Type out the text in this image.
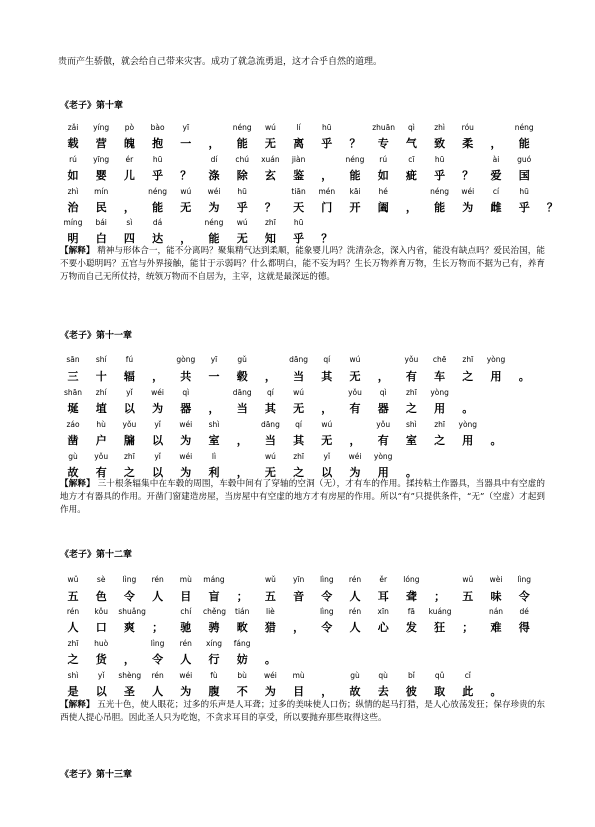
贵而产生骄傲，就会给自己带来灾害。成功了就急流勇退，这才合乎自然的道理。
《老子》第十章
zǎi	yíng	pò	bào	yī	néng	wú	lí	hū	zhuān	qì	zhì	róu	néng
载	营	魄	抱	一	，	能	无	离	乎	？	专	气	致	柔	，	能
rú	yīng	ér	hū	dí	chú	xuán	jiàn	néng	rú	cī	hū	ài	guó
如	婴	儿	乎	？	涤	除	玄	鉴	，	能	如	疵	乎	？	爱	国
zhì	mín	néng	wú	wéi	hū	tiān	mén	kāi	hé	néng	wéi	cí	hū
治	民	，	能	无	为	乎	？	天	门	开	阖	，	能	为	雌	乎	？
míng	bái	sì	dá	néng	wú	zhī	hū
明	白	四	达	，	能	无	知	乎	？
【解释】 精神与形体合一，能不分离吗？聚集精气达到柔顺，能象婴儿吗？洗清杂念，深入内省，能没有缺点吗？爱民治国，能不要小聪明吗？五官与外界接触，能甘于示弱吗？什么都明白，能不妄为吗？生长万物养育万物，生长万物而不据为己有，养育万物而自己无所仗持，统领万物而不自居为，主宰，这就是最深远的德。
《老子》第十一章
sān	shí	fú	gòng	yī	gǔ	dāng	qí	wú	yǒu	chē	zhī	yòng
三	十	辐	，	共	一	毂	，	当	其	无	，	有	车	之	用	。
shān	zhí	yǐ	wéi	qì	dāng	qí	wú	yǒu	qì	zhī	yòng
埏	埴	以	为	器	，	当	其	无	，	有	器	之	用	。
záo	hù	yǒu	yǐ	wéi	shì	dāng	qí	wú	yǒu	shì	zhī	yòng
凿	户	牖	以	为	室	，	当	其	无	，	有	室	之	用	。
gù	yǒu	zhī	yǐ	wéi	lì	wú	zhī	yǐ	wéi	yòng
故	有	之	以	为	利	，	无	之	以	为	用	。
【解释】 三十根条辐集中在车毂的周围，车毂中间有了穿轴的空洞（无），才有车的作用。揉抟粘土作器具，当器具中有空虚的地方才有器具的作用。开凿门窗建造房屋，当房屋中有空虚的地方才有房屋的作用。所以“有”只提供条件，“无”（空虚）才起到作用。
《老子》第十二章
wǔ	sè	lìng	rén	mù	máng	wǔ	yīn	lìng	rén	ěr	lóng	wǔ	wèi	lìng
五	色	令	人	目	盲	；	五	音	令	人	耳	聋	；	五	味	令
rén	kǒu	shuǎng	chí	chěng	tián	liè	lìng	rén	xīn	fā	kuáng	nán	dé
人	口	爽	；	驰	骋	畋	猎	，	令	人	心	发	狂	；	难	得
zhī	huò	lìng	rén	xíng	fáng
之	货	，	令	人	行	妨	。
shì	yǐ	shèng	rén	wéi	fù	bù	wéi	mù	gù	qù	bǐ	qǔ	cǐ
是	以	圣	人	为	腹	不	为	目	，	故	去	彼	取	此	。
【解释】 五光十色，使人眼花；过多的乐声是人耳聋；过多的美味使人口伤；纵情的起马打猎，是人心放荡发狂；保存珍贵的东西使人提心吊胆。因此圣人只为吃饱，不贪求耳目的享受，所以要抛弃那些取得这些。
《老子》第十三章
